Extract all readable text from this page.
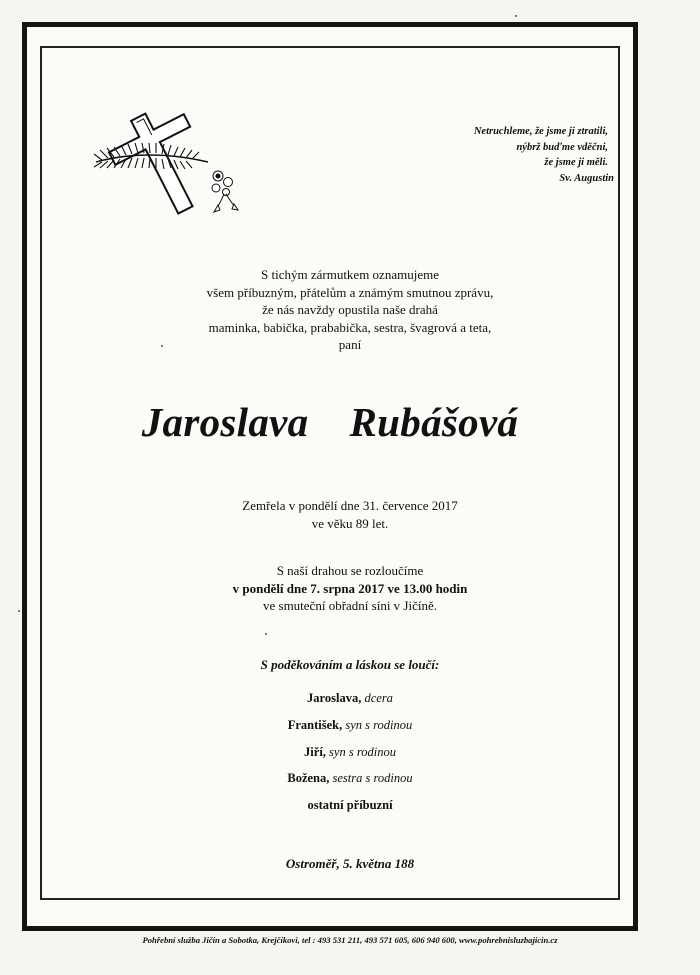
Netruchleme, že jsme ji ztratili,
nýbrž buďme vděčni,
že jsme ji měli.
Sv. Augustin
S tichým zármutkem oznamujeme
všem příbuzným, přátelům a známým smutnou zprávu,
že nás navždy opustila naše drahá
maminka, babička, prababička, sestra, švagrová a teta,
paní
Jaroslava  Rubášová
Zemřela v pondělí dne 31. července 2017
ve věku 89 let.
S naší drahou se rozloučíme
v pondělí dne 7. srpna 2017 ve 13.00 hodin
ve smuteční obřadní síni v Jičíně.
S poděkováním a láskou se loučí:
Jaroslava, dcera
František, syn s rodinou
Jiří, syn s rodinou
Božena, sestra s rodinou
ostatní příbuzní
Ostroměř, 5. května 188
Pohřební služba Jičín a Sobotka, Krejčíkovi, tel : 493 531 211, 493 571 605, 606 940 600, www.pohrebnisluzbajicin.cz
